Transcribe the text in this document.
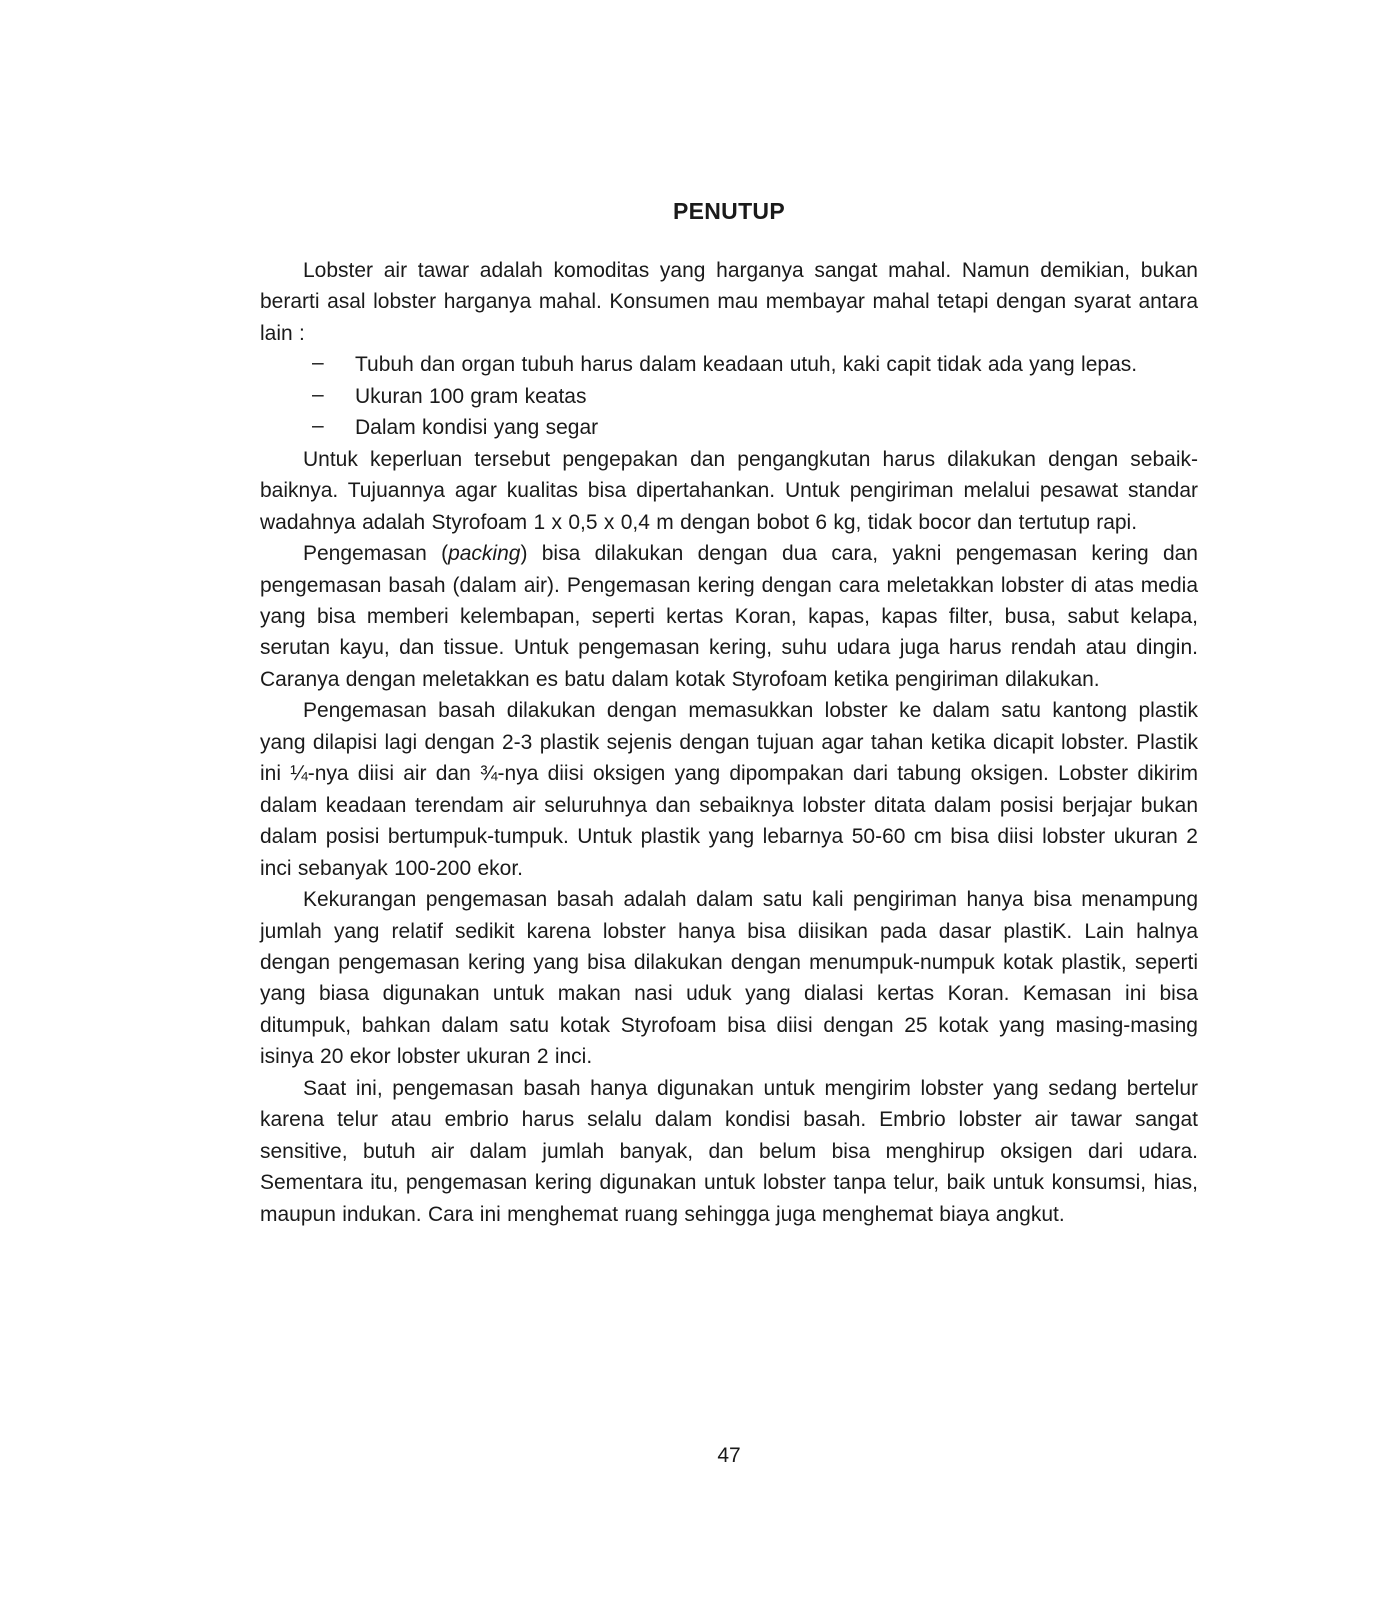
PENUTUP

Lobster air tawar adalah komoditas yang harganya sangat mahal. Namun demikian, bukan berarti asal lobster harganya mahal. Konsumen mau membayar mahal tetapi dengan syarat antara lain :

– Tubuh dan organ tubuh harus dalam keadaan utuh, kaki capit tidak ada yang lepas.
– Ukuran 100 gram keatas
– Dalam kondisi yang segar

Untuk keperluan tersebut pengepakan dan pengangkutan harus dilakukan dengan sebaik-baiknya. Tujuannya agar kualitas bisa dipertahankan. Untuk pengiriman melalui pesawat standar wadahnya adalah Styrofoam 1 x 0,5 x 0,4 m dengan bobot 6 kg, tidak bocor dan tertutup rapi.

Pengemasan (packing) bisa dilakukan dengan dua cara, yakni pengemasan kering dan pengemasan basah (dalam air). Pengemasan kering dengan cara meletakkan lobster di atas media yang bisa memberi kelembapan, seperti kertas Koran, kapas, kapas filter, busa, sabut kelapa, serutan kayu, dan tissue. Untuk pengemasan kering, suhu udara juga harus rendah atau dingin. Caranya dengan meletakkan es batu dalam kotak Styrofoam ketika pengiriman dilakukan.

Pengemasan basah dilakukan dengan memasukkan lobster ke dalam satu kantong plastik yang dilapisi lagi dengan 2-3 plastik sejenis dengan tujuan agar tahan ketika dicapit lobster. Plastik ini ¼-nya diisi air dan ¾-nya diisi oksigen yang dipompakan dari tabung oksigen. Lobster dikirim dalam keadaan terendam air seluruhnya dan sebaiknya lobster ditata dalam posisi berjajar bukan dalam posisi bertumpuk-tumpuk. Untuk plastik yang lebarnya 50-60 cm bisa diisi lobster ukuran 2 inci sebanyak 100-200 ekor.

Kekurangan pengemasan basah adalah dalam satu kali pengiriman hanya bisa menampung jumlah yang relatif sedikit karena lobster hanya bisa diisikan pada dasar plastiK. Lain halnya dengan pengemasan kering yang bisa dilakukan dengan menumpuk-numpuk kotak plastik, seperti yang biasa digunakan untuk makan nasi uduk yang dialasi kertas Koran. Kemasan ini bisa ditumpuk, bahkan dalam satu kotak Styrofoam bisa diisi dengan 25 kotak yang masing-masing isinya 20 ekor lobster ukuran 2 inci.

Saat ini, pengemasan basah hanya digunakan untuk mengirim lobster yang sedang bertelur karena telur atau embrio harus selalu dalam kondisi basah. Embrio lobster air tawar sangat sensitive, butuh air dalam jumlah banyak, dan belum bisa menghirup oksigen dari udara. Sementara itu, pengemasan kering digunakan untuk lobster tanpa telur, baik untuk konsumsi, hias, maupun indukan. Cara ini menghemat ruang sehingga juga menghemat biaya angkut.

47
